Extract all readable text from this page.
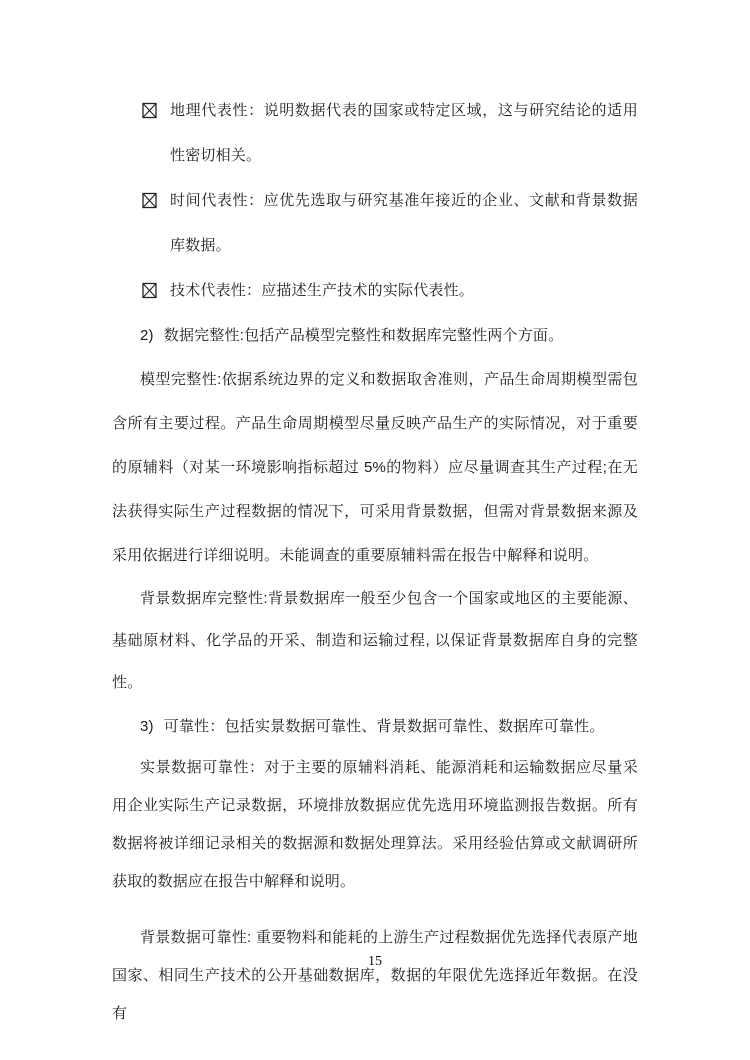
地理代表性：说明数据代表的国家或特定区域，这与研究结论的适用性密切相关。
时间代表性：应优先选取与研究基准年接近的企业、文献和背景数据库数据。
技术代表性：应描述生产技术的实际代表性。
2) 数据完整性:包括产品模型完整性和数据库完整性两个方面。
模型完整性:依据系统边界的定义和数据取舍准则，产品生命周期模型需包含所有主要过程。产品生命周期模型尽量反映产品生产的实际情况，对于重要的原辅料（对某一环境影响指标超过 5%的物料）应尽量调查其生产过程;在无法获得实际生产过程数据的情况下，可采用背景数据，但需对背景数据来源及采用依据进行详细说明。未能调查的重要原辅料需在报告中解释和说明。
背景数据库完整性:背景数据库一般至少包含一个国家或地区的主要能源、基础原材料、化学品的开采、制造和运输过程, 以保证背景数据库自身的完整性。
3) 可靠性：包括实景数据可靠性、背景数据可靠性、数据库可靠性。
实景数据可靠性：对于主要的原辅料消耗、能源消耗和运输数据应尽量采用企业实际生产记录数据，环境排放数据应优先选用环境监测报告数据。所有数据将被详细记录相关的数据源和数据处理算法。采用经验估算或文献调研所获取的数据应在报告中解释和说明。
背景数据可靠性: 重要物料和能耗的上游生产过程数据优先选择代表原产地国家、相同生产技术的公开基础数据库，数据的年限优先选择近年数据。在没有
15
